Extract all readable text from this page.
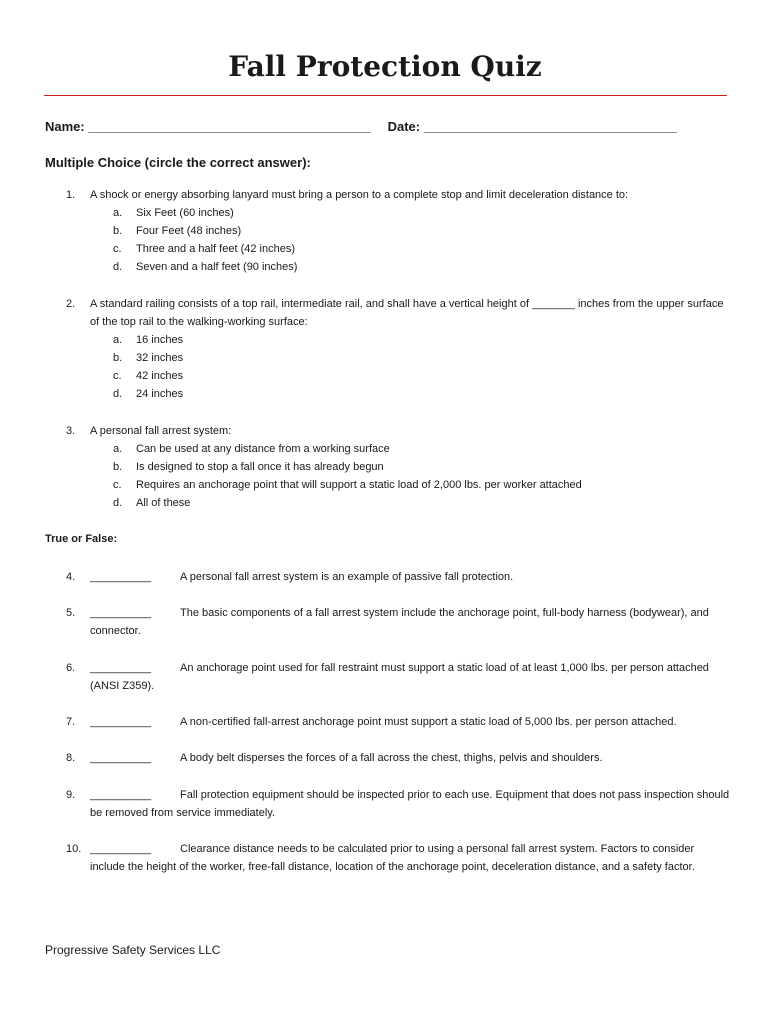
Fall Protection Quiz
Name: _______________________________________ Date: ___________________________________
Multiple Choice (circle the correct answer):
1.	A shock or energy absorbing lanyard must bring a person to a complete stop and limit deceleration distance to:
a. Six Feet (60 inches)
b. Four Feet (48 inches)
c. Three and a half feet (42 inches)
d. Seven and a half feet (90 inches)
2.	A standard railing consists of a top rail, intermediate rail, and shall have a vertical height of _______ inches from the upper surface of the top rail to the walking-working surface:
a. 16 inches
b. 32 inches
c. 42 inches
d. 24 inches
3.	A personal fall arrest system:
a. Can be used at any distance from a working surface
b. Is designed to stop a fall once it has already begun
c. Requires an anchorage point that will support a static load of 2,000 lbs. per worker attached
d. All of these
True or False:
4.	__________	A personal fall arrest system is an example of passive fall protection.
5.	__________	The basic components of a fall arrest system include the anchorage point, full-body harness (bodywear), and connector.
6.	__________	An anchorage point used for fall restraint must support a static load of at least 1,000 lbs. per person attached (ANSI Z359).
7.	__________	A non-certified fall-arrest anchorage point must support a static load of 5,000 lbs. per person attached.
8.	__________	A body belt disperses the forces of a fall across the chest, thighs, pelvis and shoulders.
9.	__________	Fall protection equipment should be inspected prior to each use. Equipment that does not pass inspection should be removed from service immediately.
10. __________	Clearance distance needs to be calculated prior to using a personal fall arrest system. Factors to consider include the height of the worker, free-fall distance, location of the anchorage point, deceleration distance, and a safety factor.
Progressive Safety Services LLC
